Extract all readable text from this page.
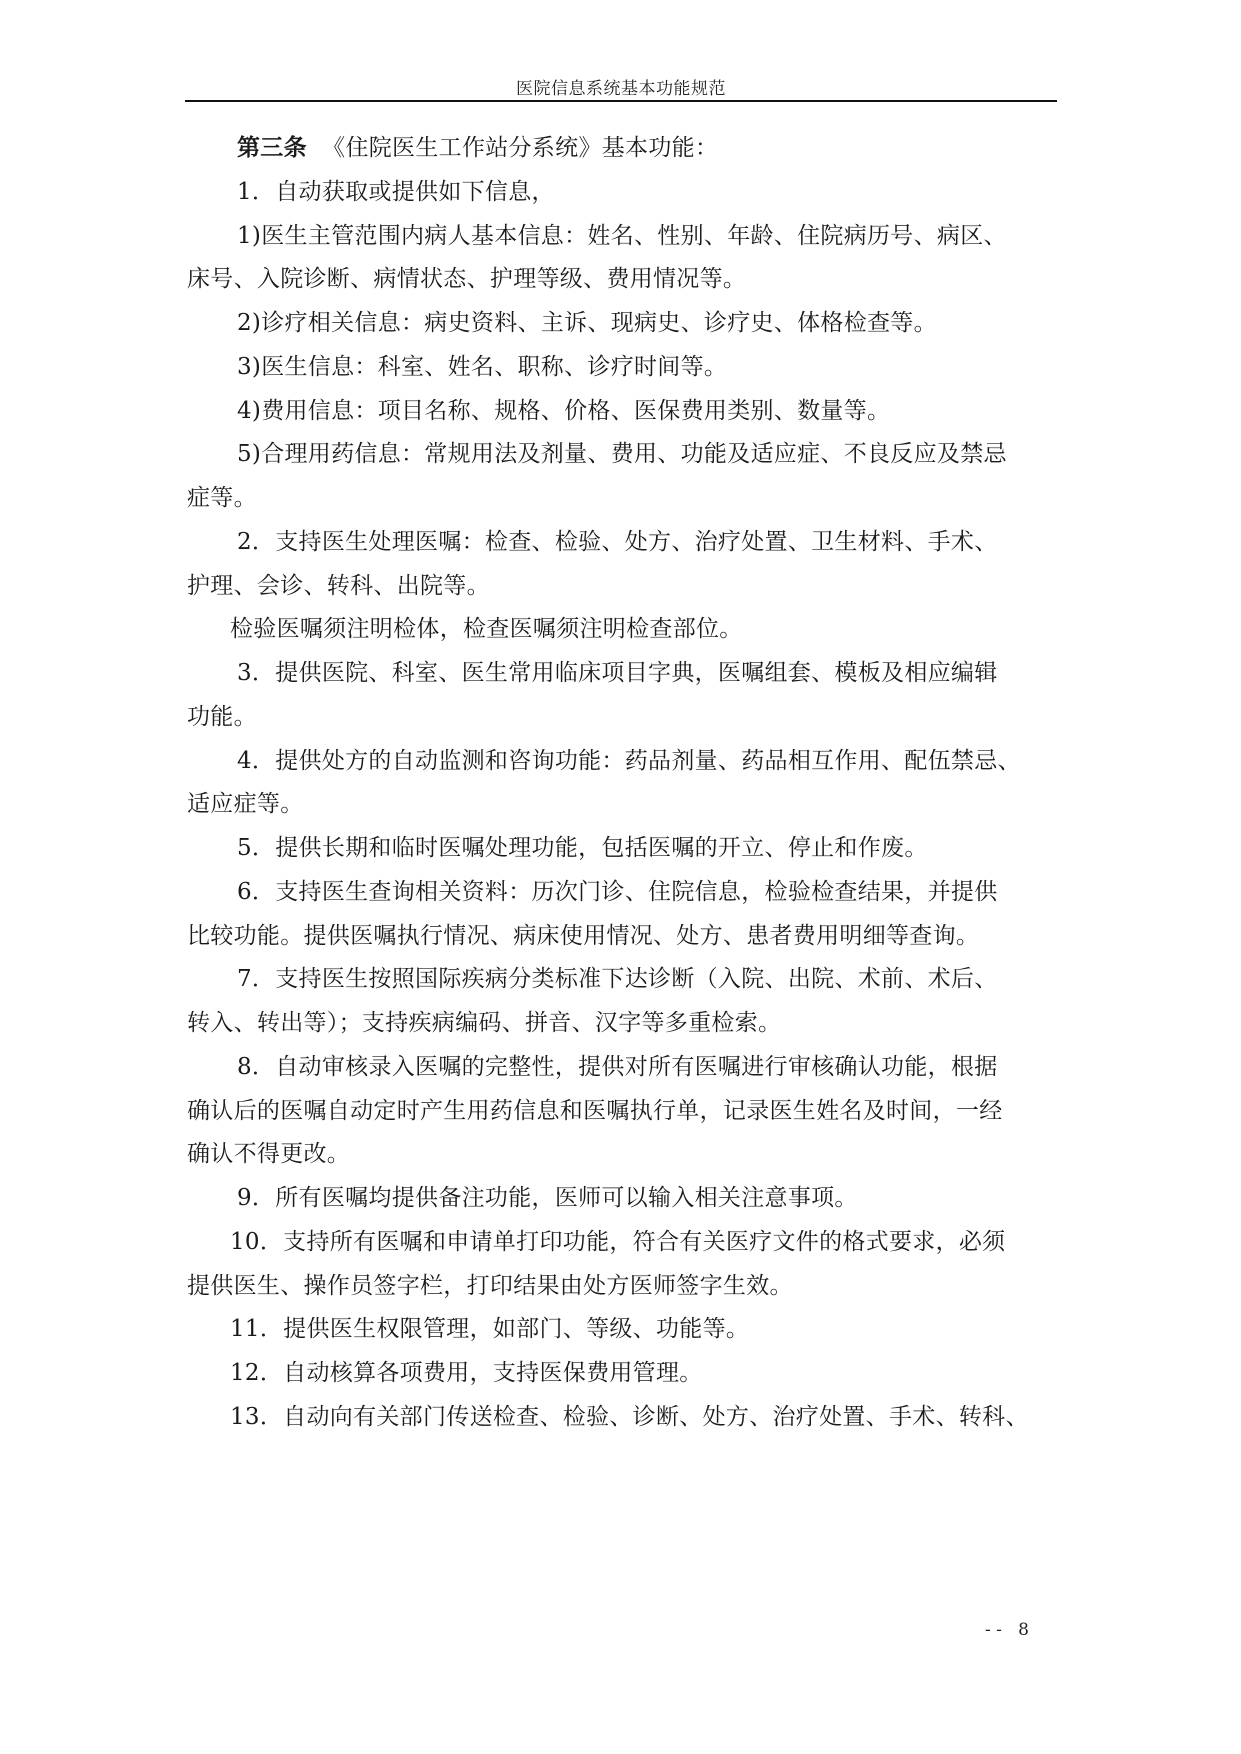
医院信息系统基本功能规范
第三条 《住院医生工作站分系统》基本功能：
1．自动获取或提供如下信息，
1)医生主管范围内病人基本信息：姓名、性别、年龄、住院病历号、病区、
床号、入院诊断、病情状态、护理等级、费用情况等。
2)诊疗相关信息：病史资料、主诉、现病史、诊疗史、体格检查等。
3)医生信息：科室、姓名、职称、诊疗时间等。
4)费用信息：项目名称、规格、价格、医保费用类别、数量等。
5)合理用药信息：常规用法及剂量、费用、功能及适应症、不良反应及禁忌
症等。
2．支持医生处理医嘱：检查、检验、处方、治疗处置、卫生材料、手术、
护理、会诊、转科、出院等。
检验医嘱须注明检体，检查医嘱须注明检查部位。
3．提供医院、科室、医生常用临床项目字典，医嘱组套、模板及相应编辑
功能。
4．提供处方的自动监测和咨询功能：药品剂量、药品相互作用、配伍禁忌、
适应症等。
5．提供长期和临时医嘱处理功能，包括医嘱的开立、停止和作废。
6．支持医生查询相关资料：历次门诊、住院信息，检验检查结果，并提供
比较功能。提供医嘱执行情况、病床使用情况、处方、患者费用明细等查询。
7．支持医生按照国际疾病分类标准下达诊断（入院、出院、术前、术后、
转入、转出等）；支持疾病编码、拼音、汉字等多重检索。
8．自动审核录入医嘱的完整性，提供对所有医嘱进行审核确认功能，根据
确认后的医嘱自动定时产生用药信息和医嘱执行单，记录医生姓名及时间，一经
确认不得更改。
9．所有医嘱均提供备注功能，医师可以输入相关注意事项。
10．支持所有医嘱和申请单打印功能，符合有关医疗文件的格式要求，必须
提供医生、操作员签字栏，打印结果由处方医师签字生效。
11．提供医生权限管理，如部门、等级、功能等。
12．自动核算各项费用，支持医保费用管理。
13．自动向有关部门传送检查、检验、诊断、处方、治疗处置、手术、转科、
- -   8
